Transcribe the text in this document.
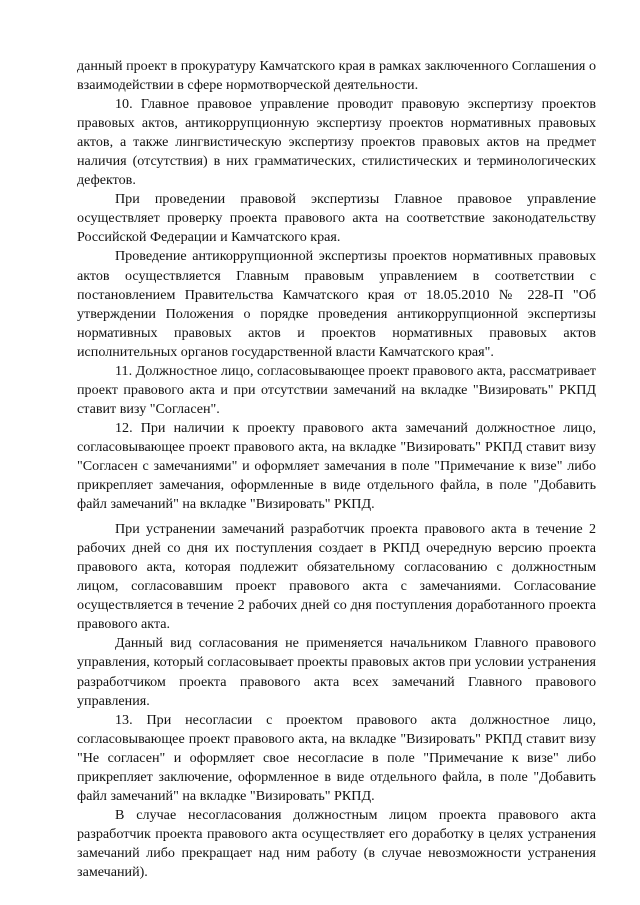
данный проект в прокуратуру Камчатского края в рамках заключенного Соглашения о взаимодействии в сфере нормотворческой деятельности.

10. Главное правовое управление проводит правовую экспертизу проектов правовых актов, антикоррупционную экспертизу проектов нормативных правовых актов, а также лингвистическую экспертизу проектов правовых актов на предмет наличия (отсутствия) в них грамматических, стилистических и терминологических дефектов.

При проведении правовой экспертизы Главное правовое управление осуществляет проверку проекта правового акта на соответствие законодательству Российской Федерации и Камчатского края.

Проведение антикоррупционной экспертизы проектов нормативных правовых актов осуществляется Главным правовым управлением в соответствии с постановлением Правительства Камчатского края от 18.05.2010 № 228-П "Об утверждении Положения о порядке проведения антикоррупционной экспертизы нормативных правовых актов и проектов нормативных правовых актов исполнительных органов государственной власти Камчатского края".

11. Должностное лицо, согласовывающее проект правового акта, рассматривает проект правового акта и при отсутствии замечаний на вкладке "Визировать" РКПД ставит визу "Согласен".

12. При наличии к проекту правового акта замечаний должностное лицо, согласовывающее проект правового акта, на вкладке "Визировать" РКПД ставит визу "Согласен с замечаниями" и оформляет замечания в поле "Примечание к визе" либо прикрепляет замечания, оформленные в виде отдельного файла, в поле "Добавить файл замечаний" на вкладке "Визировать" РКПД.

При устранении замечаний разработчик проекта правового акта в течение 2 рабочих дней со дня их поступления создает в РКПД очередную версию проекта правового акта, которая подлежит обязательному согласованию с должностным лицом, согласовавшим проект правового акта с замечаниями. Согласование осуществляется в течение 2 рабочих дней со дня поступления доработанного проекта правового акта.

Данный вид согласования не применяется начальником Главного правового управления, который согласовывает проекты правовых актов при условии устранения разработчиком проекта правового акта всех замечаний Главного правового управления.

13. При несогласии с проектом правового акта должностное лицо, согласовывающее проект правового акта, на вкладке "Визировать" РКПД ставит визу "Не согласен" и оформляет свое несогласие в поле "Примечание к визе" либо прикрепляет заключение, оформленное в виде отдельного файла, в поле "Добавить файл замечаний" на вкладке "Визировать" РКПД.

В случае несогласования должностным лицом проекта правового акта разработчик проекта правового акта осуществляет его доработку в целях устранения замечаний либо прекращает над ним работу (в случае невозможности устранения замечаний).
